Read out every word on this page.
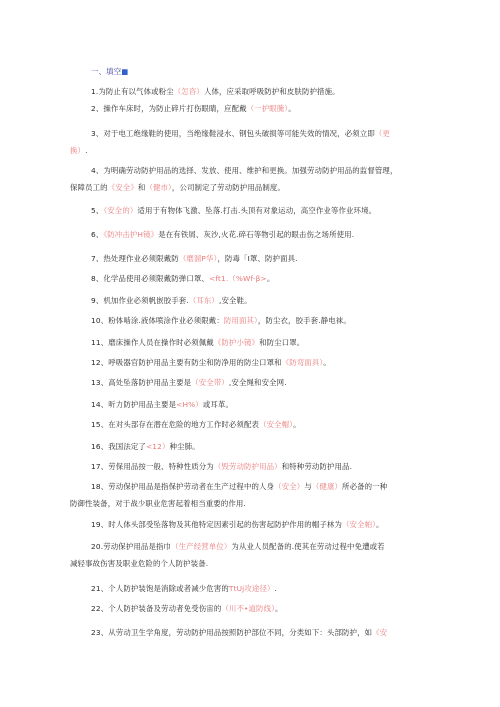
一、填空■
1.为防止有以气体或粉尘（怎咨）人体，应采取呼吸防护和皮肤防护措施。
2、操作车床时，为防止碎片打伤眼睛，应配戴（一护眼腌）。
3、对于电工绝缘鞋的使用，当绝缘鞋浸水、钢包头破损等可能失效的情况，必须立即（更
换）.
4、为明确劳动防护用品的选择、发放、使用、维护和更换。加强劳动防护用品的监督管理，
保障员工的《安全》和（健市），公司制定了劳动防护用品制度。
5、（安全的）适用于有物体飞激、坠落.打击.头顶有对象运动，高空作业等作业环境。
6、《防冲击护H镜》是在有铁屑、灰沙,火花.碎石等物引起的眼击伤之场所使用.
7、热处理作业必须限戴防（磨溜P华），防毒「I罩、防护面具.
8、化学品使用必须限戴防弹口罩、<ft1.（%Wf-β>。
9、机加作业必须帆嵌胶手套.（耳东）,安全鞋。
10、粉体啮涂.液体喷涂作业必须限戴：防用面其），防尘衣，胶手套.静电袜。
11、磨床操作人员在操作时必须佩戴《防护小镜》和防尘口罩。
12、呼吸器官防护用品主要有防尘和防净用的防尘口罩和《防弯面具）。
13、高处坠落防护用品主要是（安全带）,安全绳和安全网.
14、听力防护用品主要是<H%）或耳革。
15、在对头部存在潜在危险的地方工作时必须配表（安全帽）。
16、我国法定了<12）种尘肺。
17、劳保用品按一般、特种性质分为（毁劳动防护用品）和特种劳动防护用品.
18、劳动保护用品是指保护劳动者在生产过程中的人身（安全）与（健康）所必备的一种
防御性装备，对于战少职业危害起着相当重要的作用.
19、时人体头部受坠落物及其他特定因素引起的伤害起防护作用的帽子林为（安全帕）。
20.劳动保护用品是指巾（生产经营单位）为从业人员配备的.使其在劳动过程中免遭或若
减轻事故伤害及职业危险的个人防护装备.
21、个人防护装饱是消除或者减少危害的TtUj攻途径）.
22、个人防护装备及劳动者免受伤宙的（川不•道防线）。
23、从劳动卫生学角度，劳动防护用品按照防护部位不同，分类如下：头部防护，如《安
